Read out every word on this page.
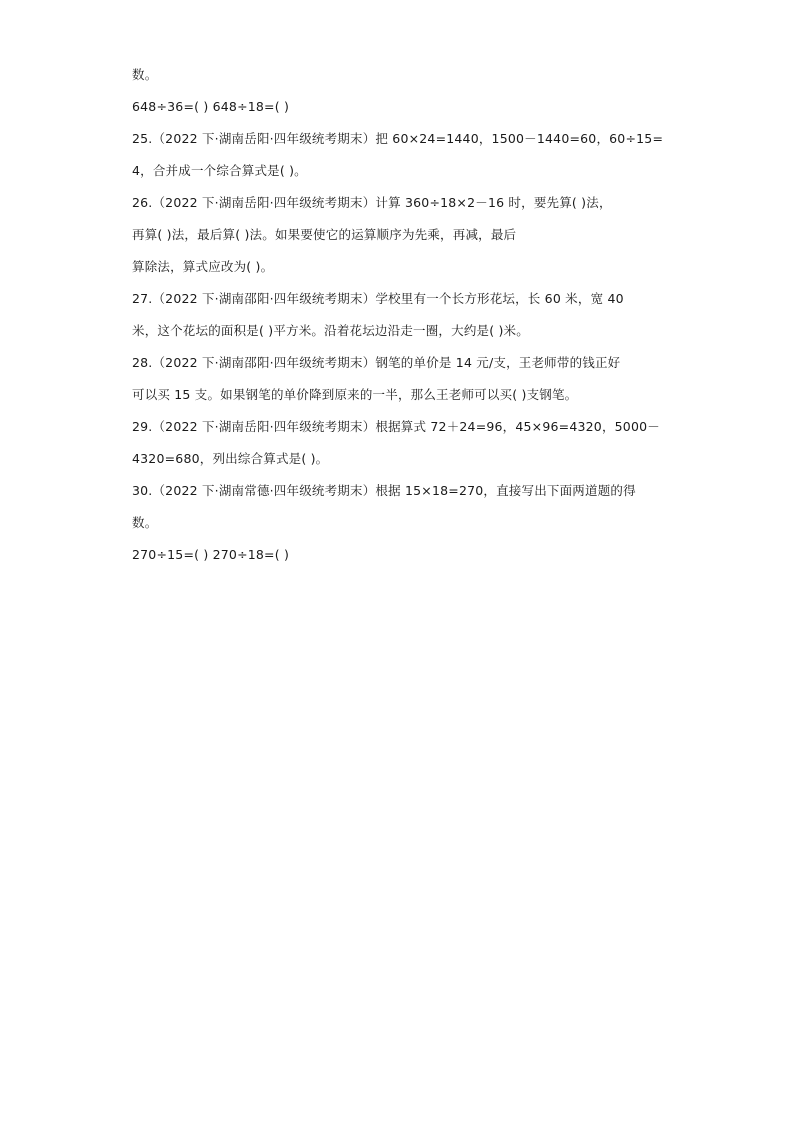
数。
648÷36=( ) 648÷18=( )
25.（2022 下·湖南岳阳·四年级统考期末）把 60×24=1440，1500－1440=60，60÷15=
4，合并成一个综合算式是( )。
26.（2022 下·湖南岳阳·四年级统考期末）计算 360÷18×2－16 时，要先算( )法，
再算( )法，最后算( )法。如果要使它的运算顺序为先乘，再减，最后
算除法，算式应改为( )。
27.（2022 下·湖南邵阳·四年级统考期末）学校里有一个长方形花坛，长 60 米，宽 40
米，这个花坛的面积是( )平方米。沿着花坛边沿走一圈，大约是( )米。
28.（2022 下·湖南邵阳·四年级统考期末）钢笔的单价是 14 元/支，王老师带的钱正好
可以买 15 支。如果钢笔的单价降到原来的一半，那么王老师可以买( )支钢笔。
29.（2022 下·湖南岳阳·四年级统考期末）根据算式 72＋24=96，45×96=4320，5000－
4320=680，列出综合算式是( )。
30.（2022 下·湖南常德·四年级统考期末）根据 15×18=270，直接写出下面两道题的得
数。
270÷15=( ) 270÷18=( )
